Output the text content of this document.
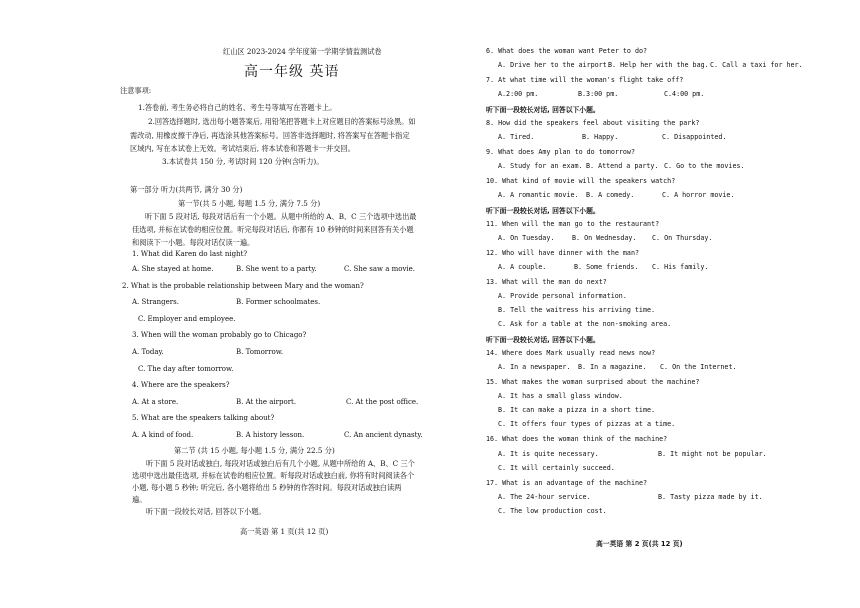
红山区 2023-2024 学年度第一学期学情监测试卷
高一年级 英语
注意事项:
1.答卷前, 考生务必将自己的姓名、考生号等填写在答题卡上。
2.回答选择题时, 选出每小题答案后, 用铅笔把答题卡上对应题目的答案标号涂黑。如
需改动, 用橡皮擦干净后, 再选涂其他答案标号。回答非选择题时, 将答案写在答题卡指定
区域内, 写在本试卷上无效。考试结束后, 将本试卷和答题卡一并交回。
3.本试卷共 150 分, 考试时间 120 分钟(含听力)。
第一部分 听力(共两节, 满分 30 分)
第一节(共 5 小题, 每题 1.5 分, 满分 7.5 分)
听下面 5 段对话, 每段对话后有一个小题。从题中所给的 A、B、C 三个选项中选出最
佳选项, 并标在试卷的相应位置。听完每段对话后, 你都有 10 秒钟的时间来回答有关小题
和阅读下一小题。每段对话仅读一遍。
1. What did Karen do last night?
A. She stayed at home.	B. She went to a party.	C. She saw a movie.
2. What is the probable relationship between Mary and the woman?
A. Strangers.	B. Former schoolmates.
C. Employer and employee.
3. When will the woman probably go to Chicago?
A. Today.	B. Tomorrow.
C. The day after tomorrow.
4. Where are the speakers?
A. At a store.	B. At the airport.	C. At the post office.
5. What are the speakers talking about?
A. A kind of food.	B. A history lesson.	C. An ancient dynasty.
第二节 (共 15 小题, 每小题 1.5 分, 满分 22.5 分)
听下面 5 段对话或独白, 每段对话或独白后有几个小题, 从题中所给的 A、B、C 三个
选项中选出最佳选项, 并标在试卷的相应位置。听每段对话或独白前, 你将有时间阅读各个
小题, 每小题 5 秒钟; 听完后, 各小题将给出 5 秒钟的作答时间。每段对话或独白读两
遍。
听下面一段较长对话, 回答以下小题。
高一英语 第 1 页(共 12 页)
6. What does the woman want Peter to do?
A. Drive her to the airport.
B. Help her with the bag. C. Call a taxi for her.
7. At what time will the woman's flight take off?
A.2:00 pm.	B.3:00 pm.	C.4:00 pm.
听下面一段较长对话, 回答以下小题。
8. How did the speakers feel about visiting the park?
A. Tired.	B. Happy.	C. Disappointed.
9. What does Amy plan to do tomorrow?
A. Study for an exam. B. Attend a party. C. Go to the movies.
10. What kind of movie will the speakers watch?
A. A romantic movie. B. A comedy.	C. A horror movie.
听下面一段较长对话, 回答以下小题。
11. When will the man go to the restaurant?
A. On Tuesday.	B. On Wednesday. C. On Thursday.
12. Who will have dinner with the man?
A. A couple.	B. Some friends. C. His family.
13. What will the man do next?
A. Provide personal information.
B. Tell the waitress his arriving time.
C. Ask for a table at the non-smoking area.
听下面一段较长对话, 回答以下小题。
14. Where does Mark usually read news now?
A. In a newspaper. B. In a magazine. C. On the Internet.
15. What makes the woman surprised about the machine?
A. It has a small glass window.
B. It can make a pizza in a short time.
C. It offers four types of pizzas at a time.
16. What does the woman think of the machine?
A. It is quite necessary.	B. It might not be popular.
C. It will certainly succeed.
17. What is an advantage of the machine?
A. The 24-hour service.	B. Tasty pizza made by it.
C. The low production cost.
高一英语 第 2 页(共 12 页)
